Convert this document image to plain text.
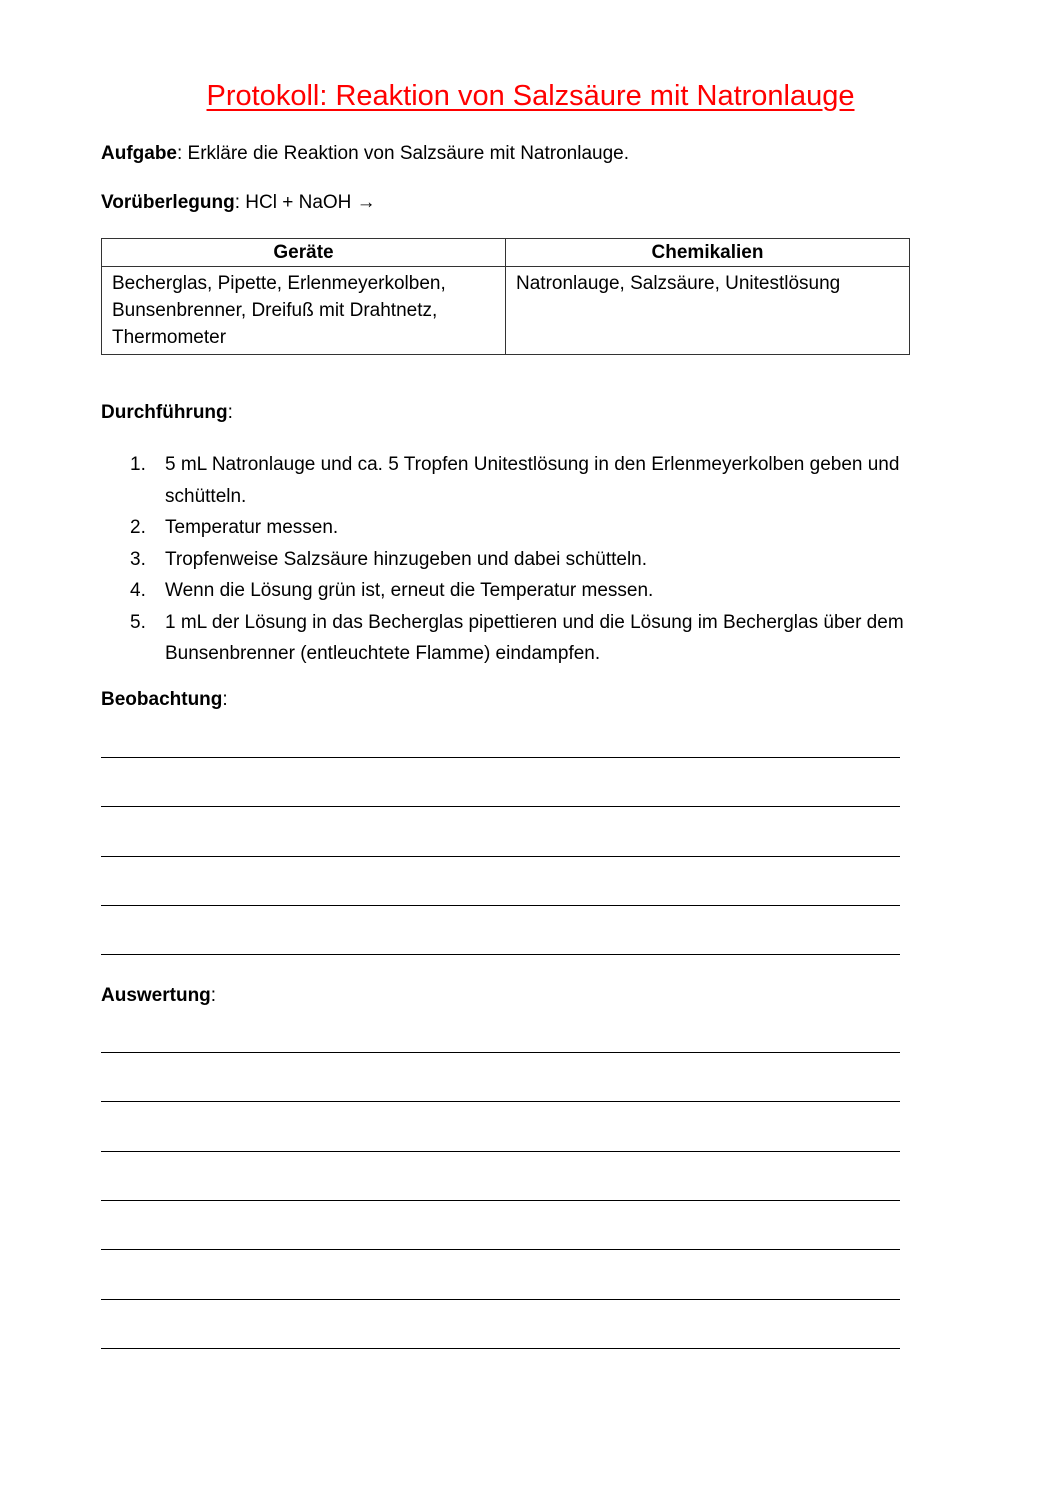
Protokoll: Reaktion von Salzsäure mit Natronlauge
Aufgabe: Erkläre die Reaktion von Salzsäure mit Natronlauge.
Vorüberlegung: HCl + NaOH →
Geräte	Chemikalien
Becherglas, Pipette, Erlenmeyerkolben, Bunsenbrenner, Dreifuß mit Drahtnetz, Thermometer	Natronlauge, Salzsäure, Unitestlösung
Durchführung:
1. 5 mL Natronlauge und ca. 5 Tropfen Unitestlösung in den Erlenmeyerkolben geben und schütteln.
2. Temperatur messen.
3. Tropfenweise Salzsäure hinzugeben und dabei schütteln.
4. Wenn die Lösung grün ist, erneut die Temperatur messen.
5. 1 mL der Lösung in das Becherglas pipettieren und die Lösung im Becherglas über dem Bunsenbrenner (entleuchtete Flamme) eindampfen.
Beobachtung:
Auswertung:
